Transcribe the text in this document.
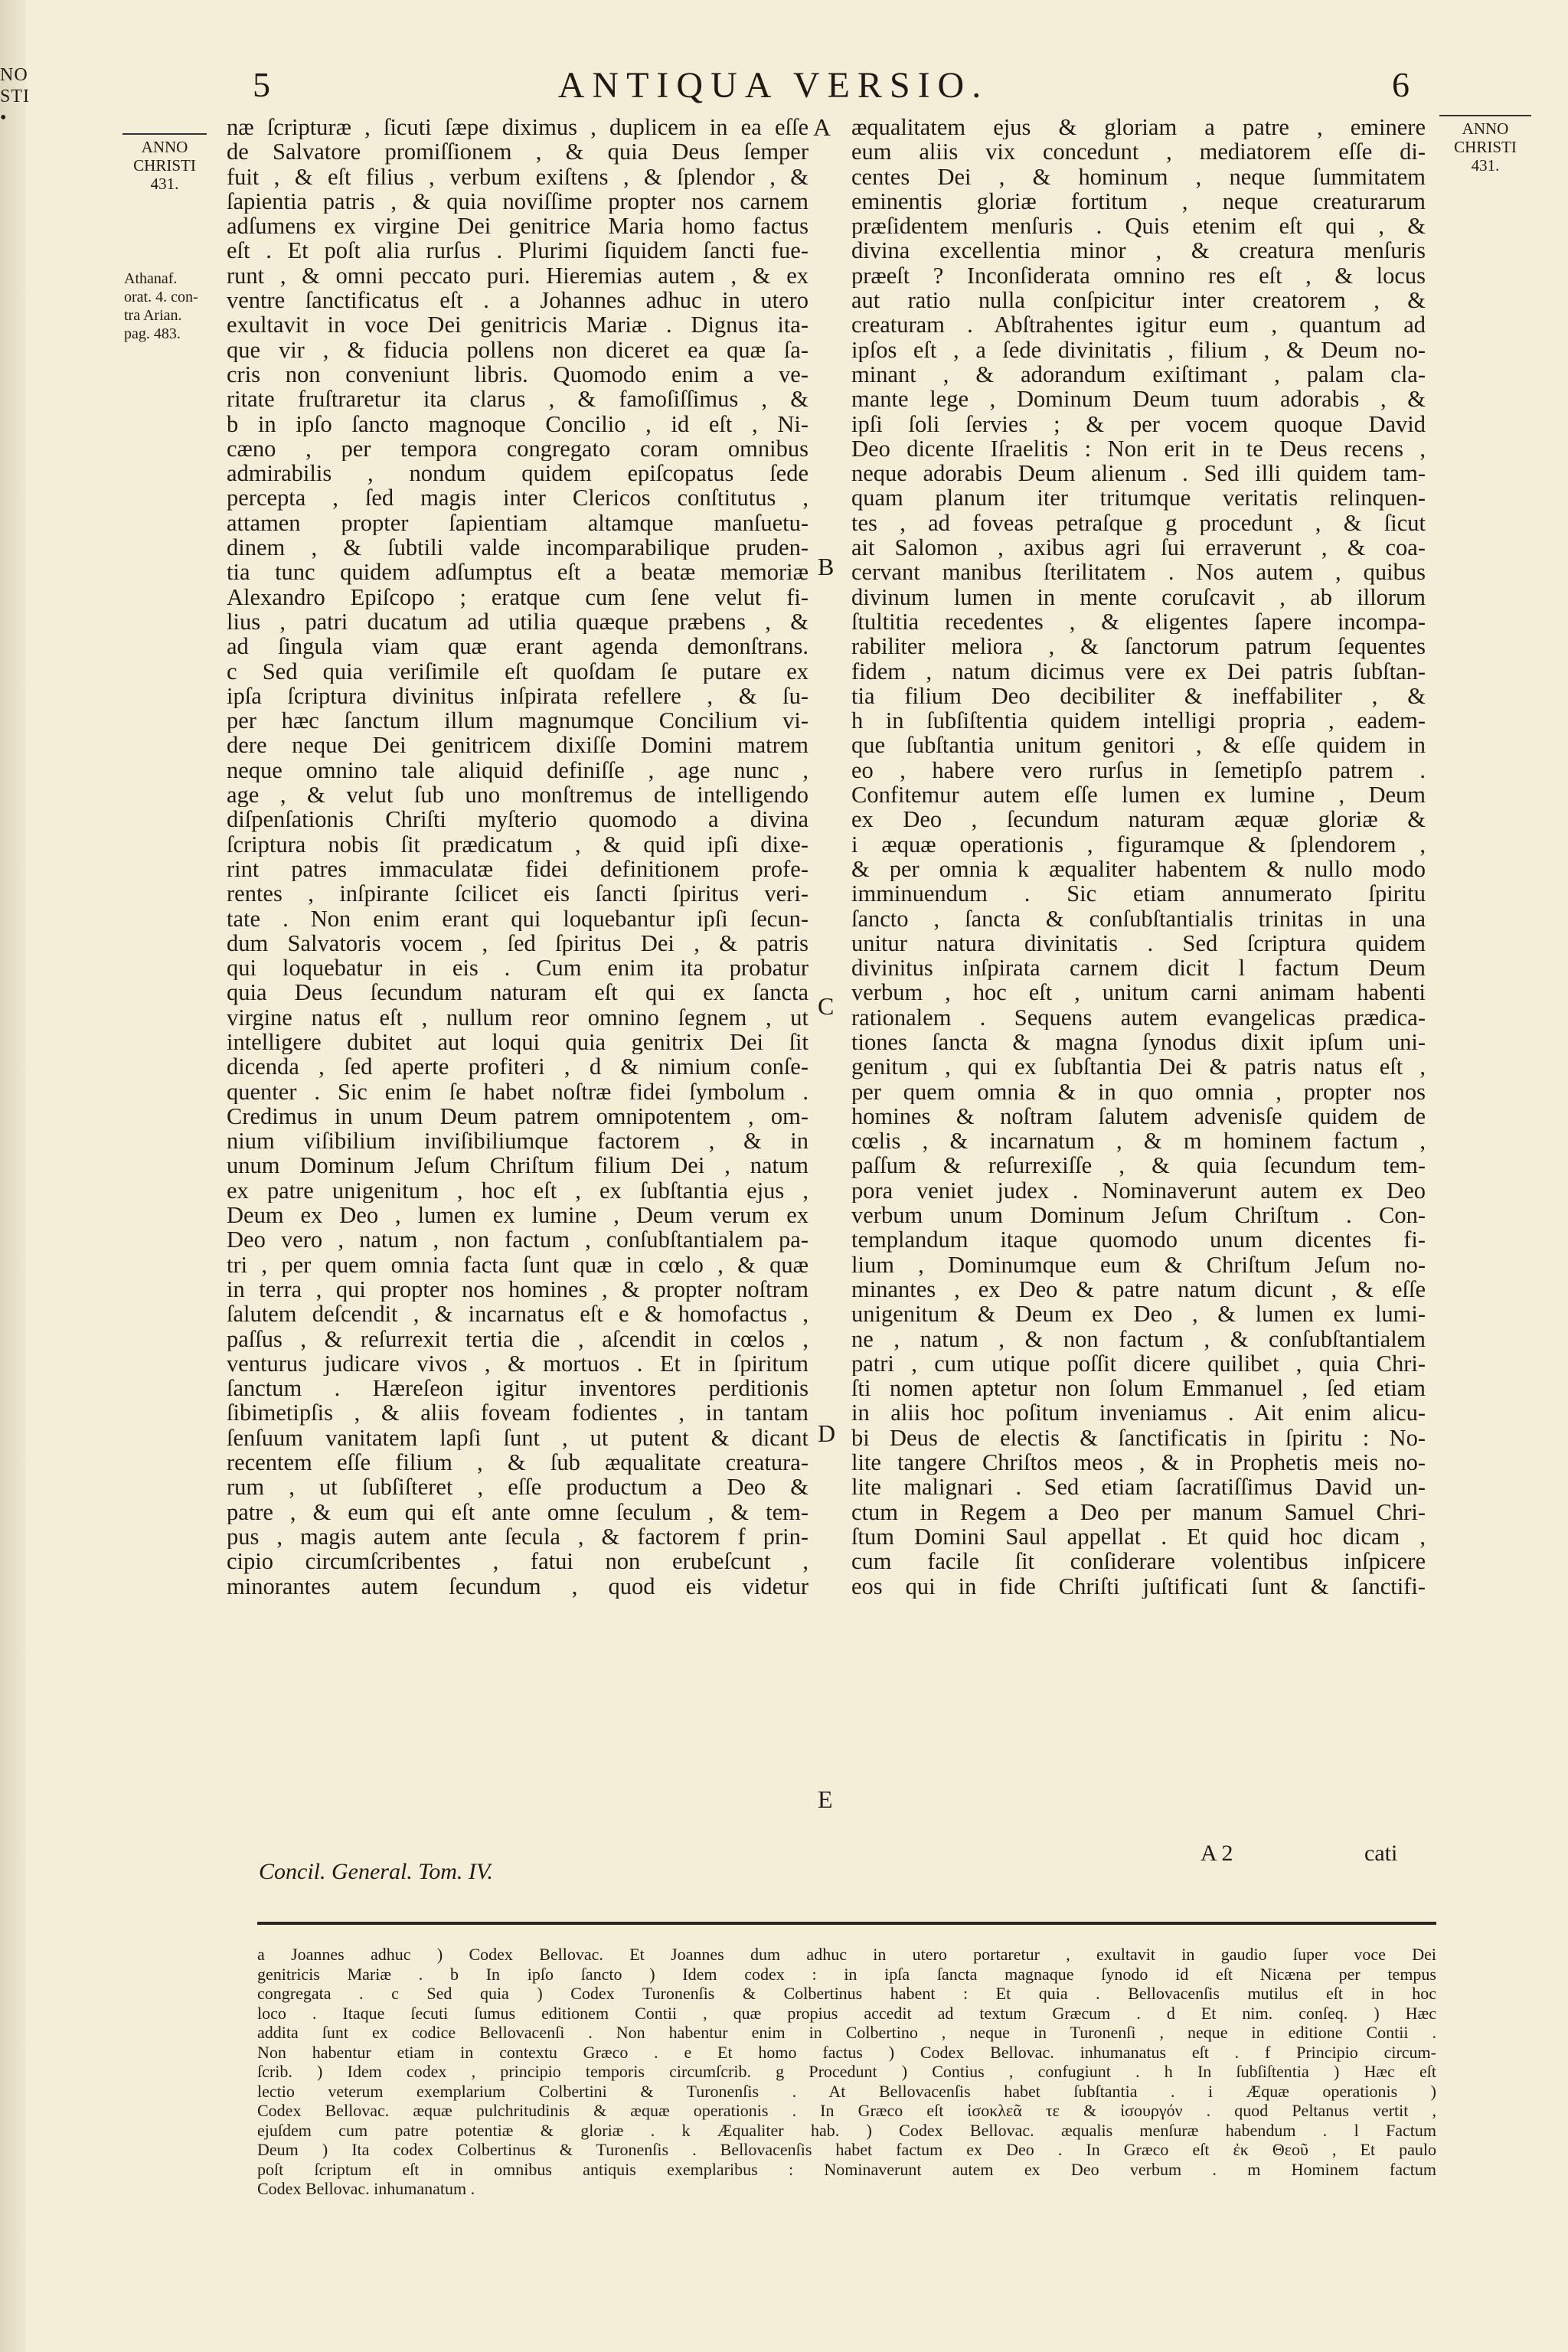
NO
STI
•
5	ANTIQUA VERSIO.	6
ANNO
CHRISTI
431.
Athanaf.
orat. 4. con-
tra Arian.
pag. 483.
ANNO
CHRISTI
431.
A
B
C
D
E
næ ſcripturæ , ſicuti ſæpe diximus , duplicem in ea eſſe
de Salvatore promiſſionem , & quia Deus ſemper
fuit , & eſt filius , verbum exiſtens , & ſplendor , &
ſapientia patris , & quia noviſſime propter nos carnem
adſumens ex virgine Dei genitrice Maria homo factus
eſt . Et poſt alia rurſus . Plurimi ſiquidem ſancti fue-
runt , & omni peccato puri. Hieremias autem , & ex
ventre ſanctificatus eſt . a Johannes adhuc in utero
exultavit in voce Dei genitricis Mariæ . Dignus ita-
que vir , & fiducia pollens non diceret ea quæ ſa-
cris non conveniunt libris. Quomodo enim a ve-
ritate fruſtraretur ita clarus , & famoſiſſimus , &
b in ipſo ſancto magnoque Concilio , id eſt , Ni-
cæno , per tempora congregato coram omnibus
admirabilis , nondum quidem epiſcopatus ſede
percepta , ſed magis inter Clericos conſtitutus ,
attamen propter ſapientiam altamque manſuetu-
dinem , & ſubtili valde incomparabilique pruden-
tia tunc quidem adſumptus eſt a beatæ memoriæ
Alexandro Epiſcopo ; eratque cum ſene velut fi-
lius , patri ducatum ad utilia quæque præbens , &
ad ſingula viam quæ erant agenda demonſtrans.
c Sed quia veriſimile eſt quoſdam ſe putare ex
ipſa ſcriptura divinitus inſpirata refellere , & ſu-
per hæc ſanctum illum magnumque Concilium vi-
dere neque Dei genitricem dixiſſe Domini matrem
neque omnino tale aliquid definiſſe , age nunc ,
age , & velut ſub uno monſtremus de intelligendo
diſpenſationis Chriſti myſterio quomodo a divina
ſcriptura nobis ſit prædicatum , & quid ipſi dixe-
rint patres immaculatæ fidei definitionem profe-
rentes , inſpirante ſcilicet eis ſancti ſpiritus veri-
tate . Non enim erant qui loquebantur ipſi ſecun-
dum Salvatoris vocem , ſed ſpiritus Dei , & patris
qui loquebatur in eis . Cum enim ita probatur
quia Deus ſecundum naturam eſt qui ex ſancta
virgine natus eſt , nullum reor omnino ſegnem , ut
intelligere dubitet aut loqui quia genitrix Dei ſit
dicenda , ſed aperte profiteri , d & nimium conſe-
quenter . Sic enim ſe habet noſtræ fidei ſymbolum .
Credimus in unum Deum patrem omnipotentem , om-
nium viſibilium inviſibiliumque factorem , & in
unum Dominum Jeſum Chriſtum filium Dei , natum
ex patre unigenitum , hoc eſt , ex ſubſtantia ejus ,
Deum ex Deo , lumen ex lumine , Deum verum ex
Deo vero , natum , non factum , conſubſtantialem pa-
tri , per quem omnia facta ſunt quæ in cœlo , & quæ
in terra , qui propter nos homines , & propter noſtram
ſalutem deſcendit , & incarnatus eſt e & homofactus ,
paſſus , & reſurrexit tertia die , aſcendit in cœlos ,
venturus judicare vivos , & mortuos . Et in ſpiritum
ſanctum . Hæreſeon igitur inventores perditionis
ſibimetipſis , & aliis foveam fodientes , in tantam
ſenſuum vanitatem lapſi ſunt , ut putent & dicant
recentem eſſe filium , & ſub æqualitate creatura-
rum , ut ſubſiſteret , eſſe productum a Deo &
patre , & eum qui eſt ante omne ſeculum , & tem-
pus , magis autem ante ſecula , & factorem f prin-
cipio circumſcribentes , fatui non erubeſcunt ,
minorantes autem ſecundum , quod eis videtur
æqualitatem ejus & gloriam a patre , eminere
eum aliis vix concedunt , mediatorem eſſe di-
centes Dei , & hominum , neque ſummitatem
eminentis gloriæ fortitum , neque creaturarum
præſidentem menſuris . Quis etenim eſt qui , &
divina excellentia minor , & creatura menſuris
præeſt ? Inconſiderata omnino res eſt , & locus
aut ratio nulla conſpicitur inter creatorem , &
creaturam . Abſtrahentes igitur eum , quantum ad
ipſos eſt , a ſede divinitatis , filium , & Deum no-
minant , & adorandum exiſtimant , palam cla-
mante lege , Dominum Deum tuum adorabis , &
ipſi ſoli ſervies ; & per vocem quoque David
Deo dicente Iſraelitis : Non erit in te Deus recens ,
neque adorabis Deum alienum . Sed illi quidem tam-
quam planum iter tritumque veritatis relinquen-
tes , ad foveas petraſque g procedunt , & ſicut
ait Salomon , axibus agri ſui erraverunt , & coa-
cervant manibus ſterilitatem . Nos autem , quibus
divinum lumen in mente coruſcavit , ab illorum
ſtultitia recedentes , & eligentes ſapere incompa-
rabiliter meliora , & ſanctorum patrum ſequentes
fidem , natum dicimus vere ex Dei patris ſubſtan-
tia filium Deo decibiliter & ineffabiliter , &
h in ſubſiſtentia quidem intelligi propria , eadem-
que ſubſtantia unitum genitori , & eſſe quidem in
eo , habere vero rurſus in ſemetipſo patrem .
Confitemur autem eſſe lumen ex lumine , Deum
ex Deo , ſecundum naturam æquæ gloriæ &
i æquæ operationis , figuramque & ſplendorem ,
& per omnia k æqualiter habentem & nullo modo
imminuendum . Sic etiam annumerato ſpiritu
ſancto , ſancta & conſubſtantialis trinitas in una
unitur natura divinitatis . Sed ſcriptura quidem
divinitus inſpirata carnem dicit l factum Deum
verbum , hoc eſt , unitum carni animam habenti
rationalem . Sequens autem evangelicas prædica-
tiones ſancta & magna ſynodus dixit ipſum uni-
genitum , qui ex ſubſtantia Dei & patris natus eſt ,
per quem omnia & in quo omnia , propter nos
homines & noſtram ſalutem advenisſe quidem de
cœlis , & incarnatum , & m hominem factum ,
paſſum & reſurrexiſſe , & quia ſecundum tem-
pora veniet judex . Nominaverunt autem ex Deo
verbum unum Dominum Jeſum Chriſtum . Con-
templandum itaque quomodo unum dicentes fi-
lium , Dominumque eum & Chriſtum Jeſum no-
minantes , ex Deo & patre natum dicunt , & eſſe
unigenitum & Deum ex Deo , & lumen ex lumi-
ne , natum , & non factum , & conſubſtantialem
patri , cum utique poſſit dicere quilibet , quia Chri-
ſti nomen aptetur non ſolum Emmanuel , ſed etiam
in aliis hoc poſitum inveniamus . Ait enim alicu-
bi Deus de electis & ſanctificatis in ſpiritu : No-
lite tangere Chriſtos meos , & in Prophetis meis no-
lite malignari . Sed etiam ſacratiſſimus David un-
ctum in Regem a Deo per manum Samuel Chri-
ſtum Domini Saul appellat . Et quid hoc dicam ,
cum facile ſit conſiderare volentibus inſpicere
eos qui in fide Chriſti juſtificati ſunt & ſanctifi-
Concil. General. Tom. IV.
A 2	cati
a Joannes adhuc ) Codex Bellovac. Et Joannes dum adhuc in utero portaretur , exultavit in gaudio ſuper voce Dei
genitricis Mariæ . b In ipſo ſancto ) Idem codex : in ipſa ſancta magnaque ſynodo id eſt Nicæna per tempus
congregata . c Sed quia ) Codex Turonenſis & Colbertinus habent : Et quia . Bellovacenſis mutilus eſt in hoc
loco . Itaque ſecuti ſumus editionem Contii , quæ propius accedit ad textum Græcum . d Et nim. conſeq. ) Hæc
addita ſunt ex codice Bellovacenſi . Non habentur enim in Colbertino , neque in Turonenſi , neque in editione Contii .
Non habentur etiam in contextu Græco . e Et homo factus ) Codex Bellovac. inhumanatus eſt . f Principio circum-
ſcrib. ) Idem codex , principio temporis circumſcrib. g Procedunt ) Contius , confugiunt . h In ſubſiſtentia ) Hæc eſt
lectio veterum exemplarium Colbertini & Turonenſis . At Bellovacenſis habet ſubſtantia . i Æquæ operationis )
Codex Bellovac. æquæ pulchritudinis & æquæ operationis . In Græco eſt ἰσοκλεᾶ τε & ἰσουργόν . quod Peltanus vertit ,
ejuſdem cum patre potentiæ & gloriæ . k Æqualiter hab. ) Codex Bellovac. æqualis menſuræ habendum . l Factum
Deum ) Ita codex Colbertinus & Turonenſis . Bellovacenſis habet factum ex Deo . In Græco eſt ἐκ Θεοῦ , Et paulo
poſt ſcriptum eſt in omnibus antiquis exemplaribus : Nominaverunt autem ex Deo verbum . m Hominem factum
Codex Bellovac. inhumanatum .
